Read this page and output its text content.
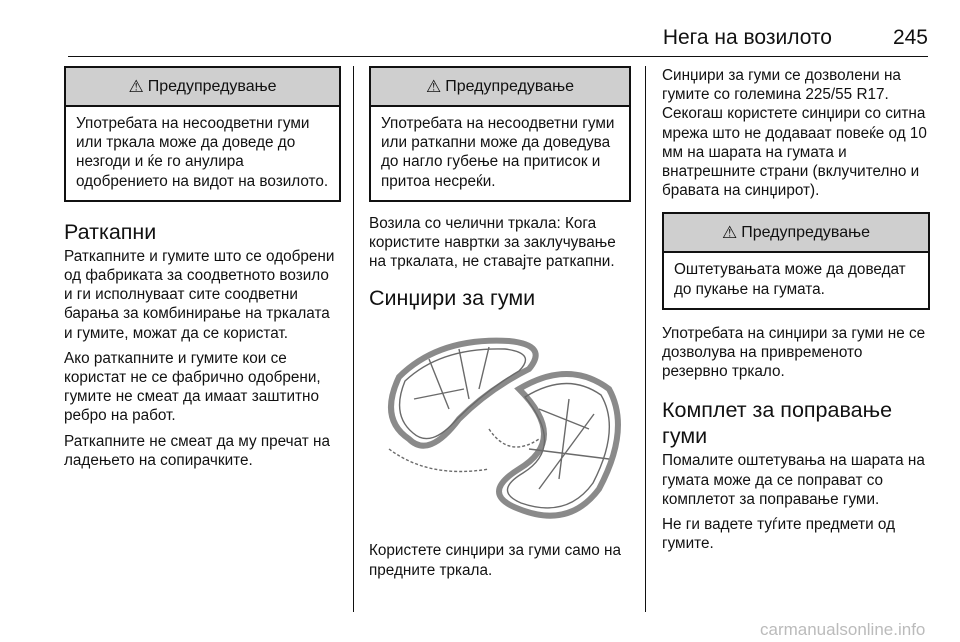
Нега на возилото	245
⚠ Предупредување
Употребата на несоодветни гуми или тркала може да доведе до незгоди и ќе го анулира одобрението на видот на возилото.
Раткапни

Раткапните и гумите што се одобрени од фабриката за соодветното возило и ги исполнуваат сите соодветни барања за комбинирање на тркалата и гумите, можат да се користат.

Ако раткапните и гумите кои се користат не се фабрично одобрени, гумите не смеат да имаат заштитно ребро на работ.

Раткапните не смеат да му пречат на ладењето на сопирачките.

⚠ Предупредување
Употребата на несоодветни гуми или раткапни може да доведува до нагло губење на притисок и притоа несреќи.

Возила со челични тркала: Кога користите навртки за заклучување на тркалата, не ставајте раткапни.

Синџири за гуми

Користете синџири за гуми само на предните тркала.

Синџири за гуми се дозволени на гумите со големина 225/55 R17. Секогаш користете синџири со ситна мрежа што не додаваат повеќе од 10 мм на шарата на гумата и внатрешните страни (вклучително и бравата на синџирот).

⚠ Предупредување
Оштетувањата може да доведат до пукање на гумата.

Употребата на синџири за гуми не се дозволува на привременото резервно тркало.

Комплет за поправање гуми

Помалите оштетувања на шарата на гумата може да се поправат со комплетот за поправање гуми.

Не ги вадете туѓите предмети од гумите.

carmanualsonline.info
